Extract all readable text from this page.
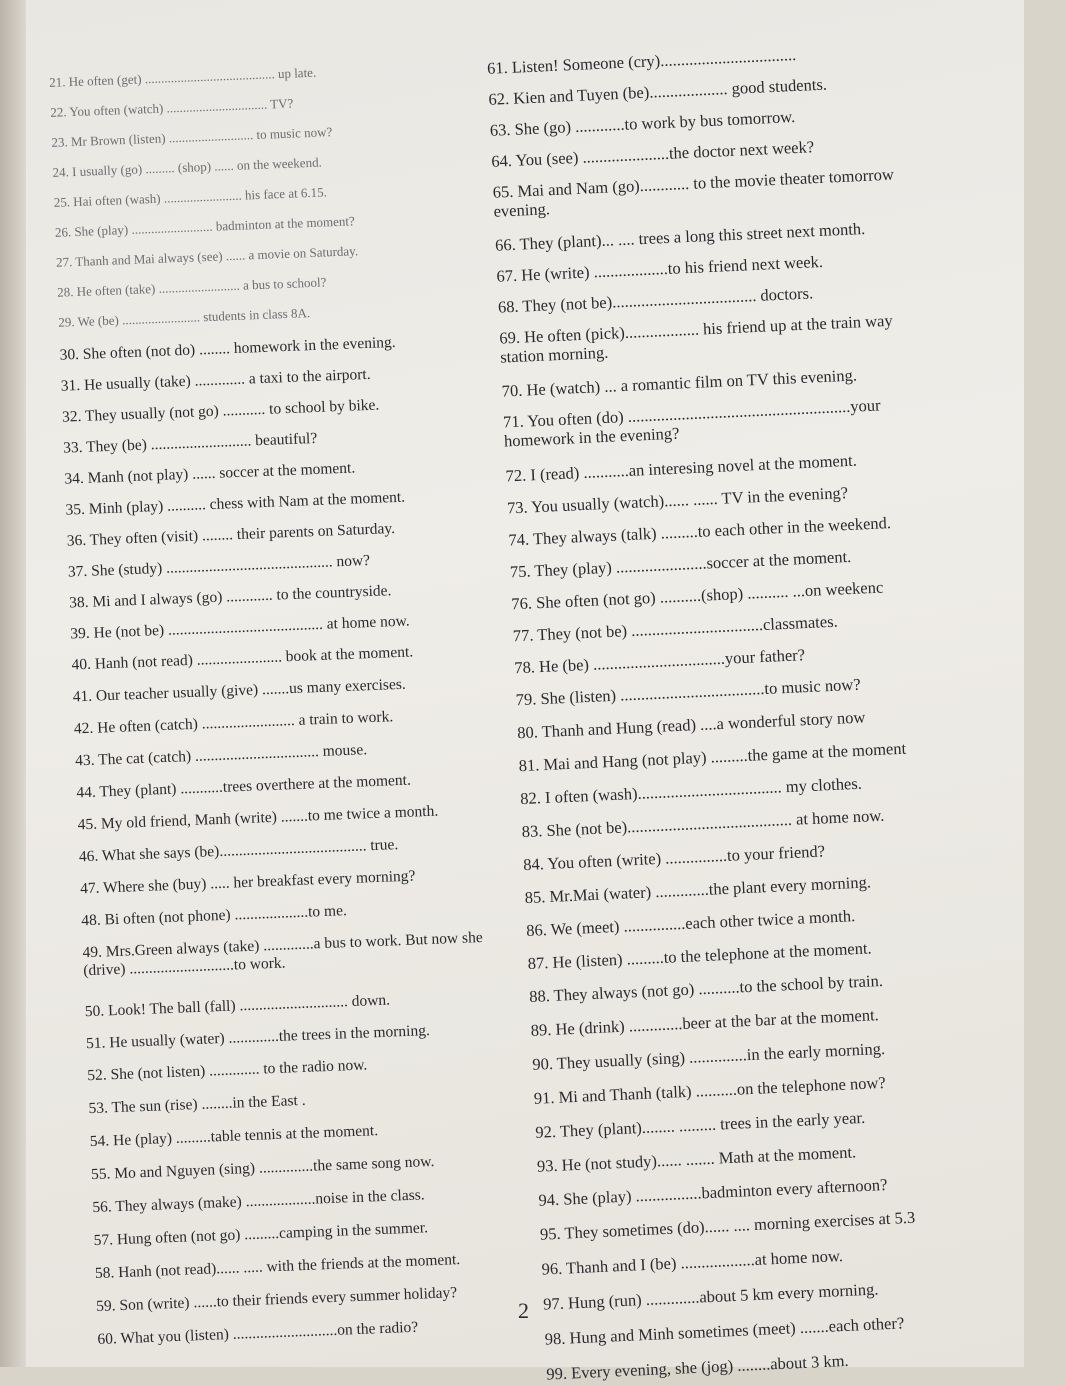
21. He often (get) ........................................ up late.
22. You often (watch) ............................... TV?
23. Mr Brown (listen) .......................... to music now?
24. I usually (go) ......... (shop) ...... on the weekend.
25. Hai often (wash) ........................ his face at 6.15.
26. She (play) ......................... badminton at the moment?
27. Thanh and Mai always (see) ...... a movie on Saturday.
28. He often (take) ......................... a bus to school?
29. We (be) ........................ students in class 8A.
30. She often (not do) ........ homework in the evening.
31. He usually (take) ............. a taxi to the airport.
32. They usually (not go) ........... to school by bike.
33. They (be) .......................... beautiful?
34. Manh (not play) ...... soccer at the moment.
35. Minh (play) .......... chess with Nam at the moment.
36. They often (visit) ........ their parents on Saturday.
37. She (study) ........................................... now?
38. Mi and I always (go) ............ to the countryside.
39. He (not be) ........................................ at home now.
40. Hanh (not read) ...................... book at the moment.
41. Our teacher usually (give) .......us many exercises.
42. He often (catch) ........................ a train to work.
43. The cat (catch) ................................ mouse.
44. They (plant) ...........trees overthere at the moment.
45. My old friend, Manh (write) .......to me twice a month.
46. What she says (be)...................................... true.
47. Where she (buy) ..... her breakfast every morning?
48. Bi often (not phone) ...................to me.
49. Mrs.Green always (take) .............a bus to work. But now she (drive) ...........................to work.
50. Look! The ball (fall) ............................ down.
51. He usually (water) .............the trees in the morning.
52. She (not listen) ............. to the radio now.
53. The sun (rise) ........in the East .
54. He (play) .........table tennis at the moment.
55. Mo and Nguyen (sing) ..............the same song now.
56. They always (make) ..................noise in the class.
57. Hung often (not go) .........camping in the summer.
58. Hanh (not read)...... ..... with the friends at the moment.
59. Son (write) ......to their friends every summer holiday?
60. What you (listen) ...........................on the radio?
61. Listen! Someone (cry).................................
62. Kien and Tuyen (be)................... good students.
63. She (go) ............to work by bus tomorrow.
64. You (see) .....................the doctor next week?
65. Mai and Nam (go)............ to the movie theater tomorrow evening.
66. They (plant)... .... trees a long this street next month.
67. He (write) ..................to his friend next week.
68. They (not be)................................... doctors.
69. He often (pick).................. his friend up at the train way station morning.
70. He (watch) ... a romantic film on TV this evening.
71. You often (do) ......................................................your homework in the evening?
72. I (read) ...........an interesing novel at the moment.
73. You usually (watch)...... ...... TV in the evening?
74. They always (talk) .........to each other in the weekend.
75. They (play) ......................soccer at the moment.
76. She often (not go) ..........(shop) .......... ...on weekenc
77. They (not be) ................................classmates.
78. He (be) ................................your father?
79. She (listen) ...................................to music now?
80. Thanh and Hung (read) ....a wonderful story now
81. Mai and Hang (not play) .........the game at the moment
82. I often (wash)................................... my clothes.
83. She (not be)........................................ at home now.
84. You often (write) ...............to your friend?
85. Mr.Mai (water) .............the plant every morning.
86. We (meet) ...............each other twice a month.
87. He (listen) .........to the telephone at the moment.
88. They always (not go) ..........to the school by train.
89. He (drink) .............beer at the bar at the moment.
90. They usually (sing) ..............in the early morning.
91. Mi and Thanh (talk) ..........on the telephone now?
92. They (plant)........ ......... trees in the early year.
93. He (not study)...... ....... Math at the moment.
94. She (play) ................badminton every afternoon?
95. They sometimes (do)...... .... morning exercises at 5.3
96. Thanh and I (be) ..................at home now.
97. Hung (run) .............about 5 km every morning.
98. Hung and Minh sometimes (meet) .......each other?
99. Every evening, she (jog) ........about 3 km.
2
